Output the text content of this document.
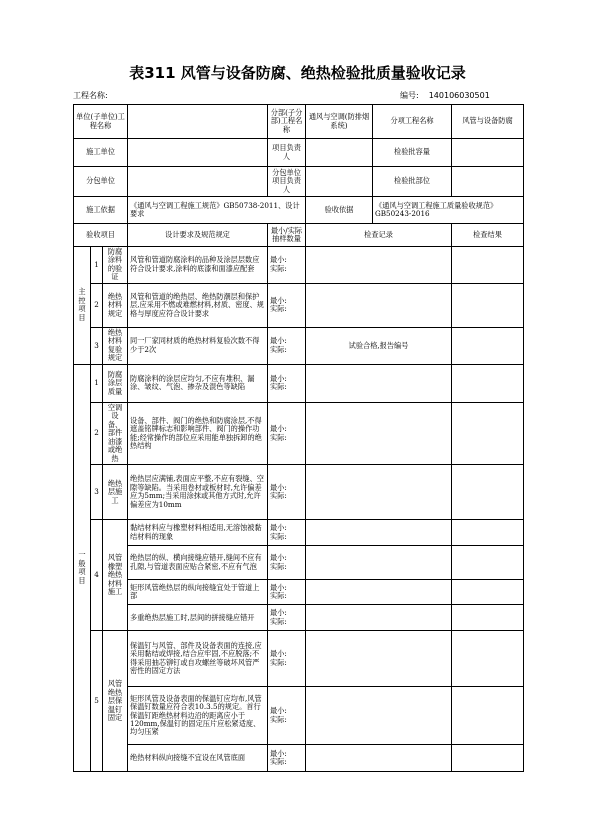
表311 风管与设备防腐、绝热检验批质量验收记录
工程名称:	编号: 140106030501
单位(子单位)工程名称				分部(子分部)工程名称	通风与空调(防排烟系统)	分项工程名称	风管与设备防腐
施工单位				项目负责人		检验批容量	
分包单位				分包单位项目负责人		检验批部位	
施工依据			《通风与空调工程施工规范》GB50738-2011、设计要求		验收依据	《通风与空调工程施工质量验收规范》GB50243-2016	
验收项目			设计要求及规范规定	最小/实际抽样数量	检查记录		检查结果
主控项目	1	防腐涂料的验证	风管和管道防腐涂料的品种及涂层层数应符合设计要求,涂料的底漆和面漆应配套	最小:
实际:			
	2	绝热材料规定	风管和管道的绝热层、绝热防潮层和保护层,应采用不燃或难燃材料,材质、密度、规格与厚度应符合设计要求	最小:
实际:			
	3	绝热材料复验规定	同一厂家同材质的绝热材料复验次数不得少于2次	最小:
实际:	试验合格,报告编号		
一般项目	1	防腐涂层质量	防腐涂料的涂层应均匀,不应有堆积、漏涂、皱纹、气泡、掺杂及混色等缺陷	最小:
实际:			
	2	空调设备、部件油漆或绝热	设备、部件、阀门的绝热和防腐涂层,不得遮盖铭牌标志和影响部件、阀门的操作功能;经常操作的部位应采用能单独拆卸的绝热结构	最小:
实际:			
	3	绝热层施工	绝热层应满铺,表面应平整,不应有裂缝、空隙等缺陷。当采用卷材或板材时,允许偏差应为5mm;当采用涂抹或其他方式时,允许偏差应为10mm	最小:
实际:			
	4	风管橡塑绝热材料施工	黏结材料应与橡塑材料相适用,无溶蚀被黏结材料的现象	最小:
实际:			
			绝热层的纵、横向接缝应错开,缝间不应有孔隙,与管道表面应贴合紧密,不应有气泡	最小:
实际:			
			矩形风管绝热层的纵向接缝宜处于管道上部	最小:
实际:			
			多重绝热层施工时,层间的拼接缝应错开	最小:
实际:			
	5	风管绝热层保温钉固定	保温钉与风管、部件及设备表面的连接,应采用黏结或焊接,结合应牢固,不应脱落;不得采用抽芯铆钉或自攻螺丝等破坏风管严密性的固定方法	最小:
实际:			
			矩形风管及设备表面的保温钉应均布,风管保温钉数量应符合表10.3.5的规定。首行保温钉距绝热材料边沿的距离应小于120mm,保温钉的固定压片应松紧适度、均匀压紧	最小:
实际:			
			绝热材料纵向接缝不宜设在风管底面	最小:
实际:			
